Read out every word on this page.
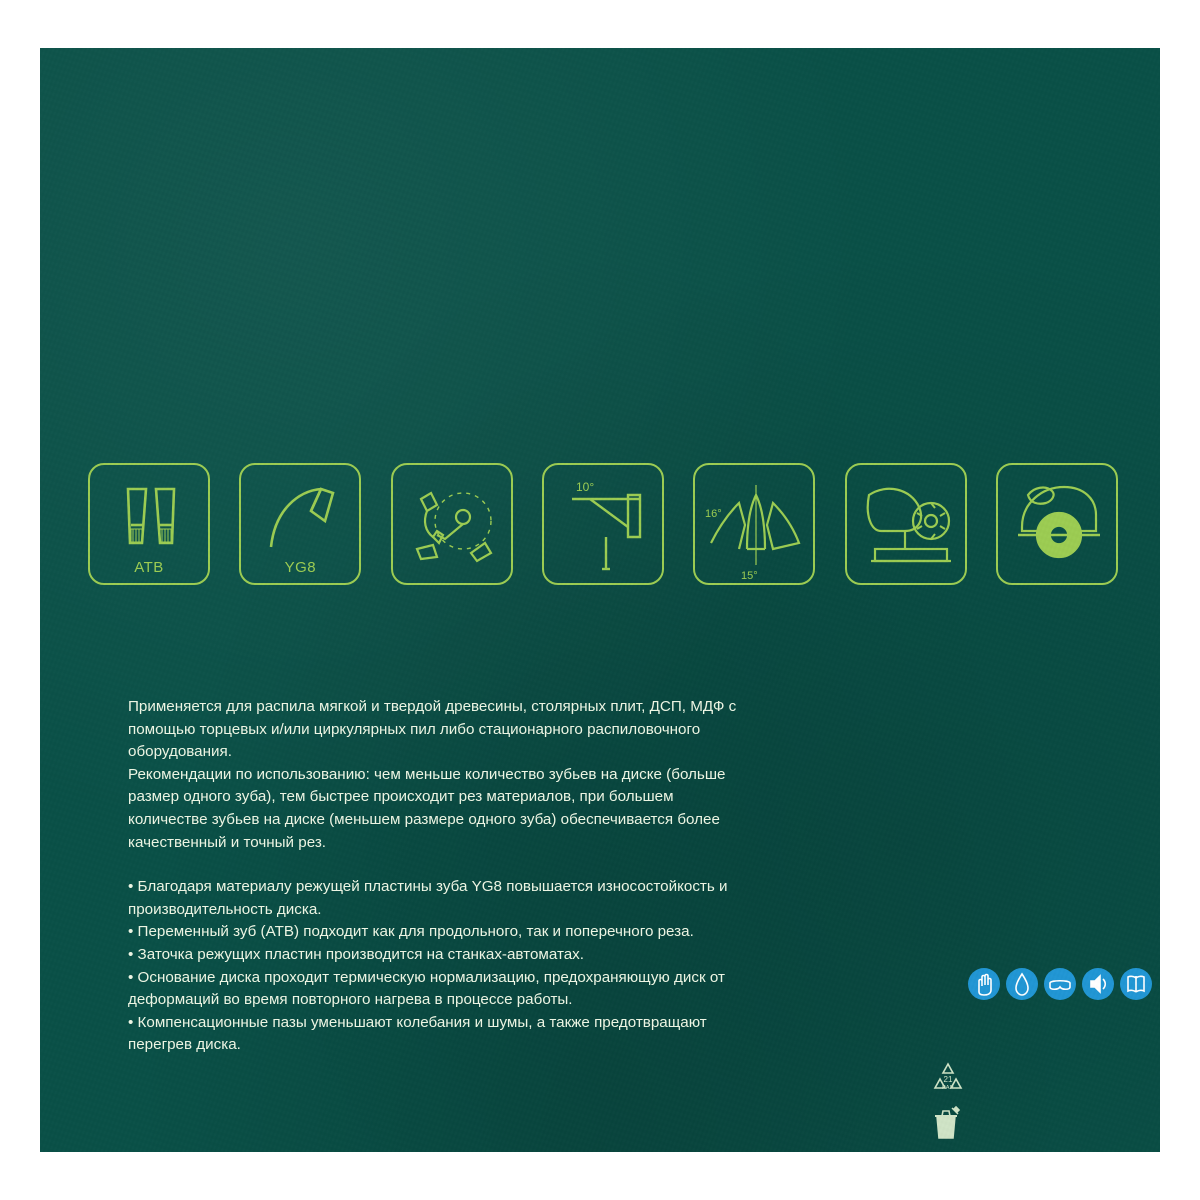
ATB	YG8
10°
16°
15°

Применяется для распила мягкой и твердой древесины, столярных плит, ДСП, МДФ с помощью торцевых и/или циркулярных пил либо стационарного распиловочного оборудования.

Рекомендации по использованию: чем меньше количество зубьев на диске (больше размер одного зуба), тем быстрее происходит рез материалов, при большем количестве зубьев на диске (меньшем размере одного зуба) обеспечивается более качественный и точный рез.

• Благодаря материалу режущей пластины зуба YG8 повышается износостойкость и производительность диска.

• Переменный зуб (ATB) подходит как для продольного, так и поперечного реза.

• Заточка режущих пластин производится на станках-автоматах.

• Основание диска проходит термическую нормализацию, предохраняющую диск от деформаций во время повторного нагрева в процессе работы.

• Компенсационные пазы уменьшают колебания и шумы, а также предотвращают перегрев диска.

21
PAP
